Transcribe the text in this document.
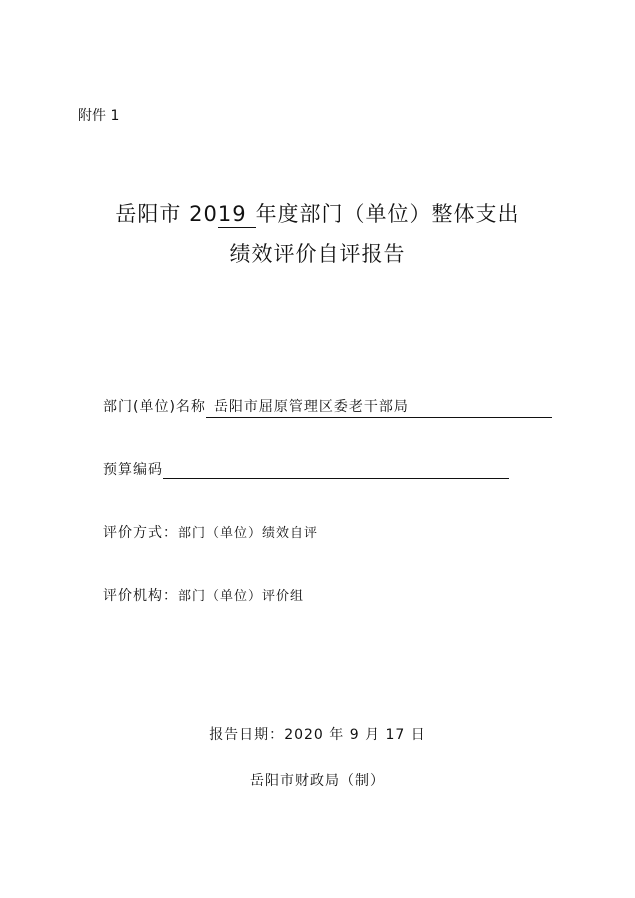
附件 1
岳阳市 2019 年度部门（单位）整体支出
绩效评价自评报告
部门(单位)名称 岳阳市屈原管理区委老干部局
预算编码
评价方式：部门（单位）绩效自评
评价机构：部门（单位）评价组
报告日期：2020 年 9 月 17 日
岳阳市财政局（制）
